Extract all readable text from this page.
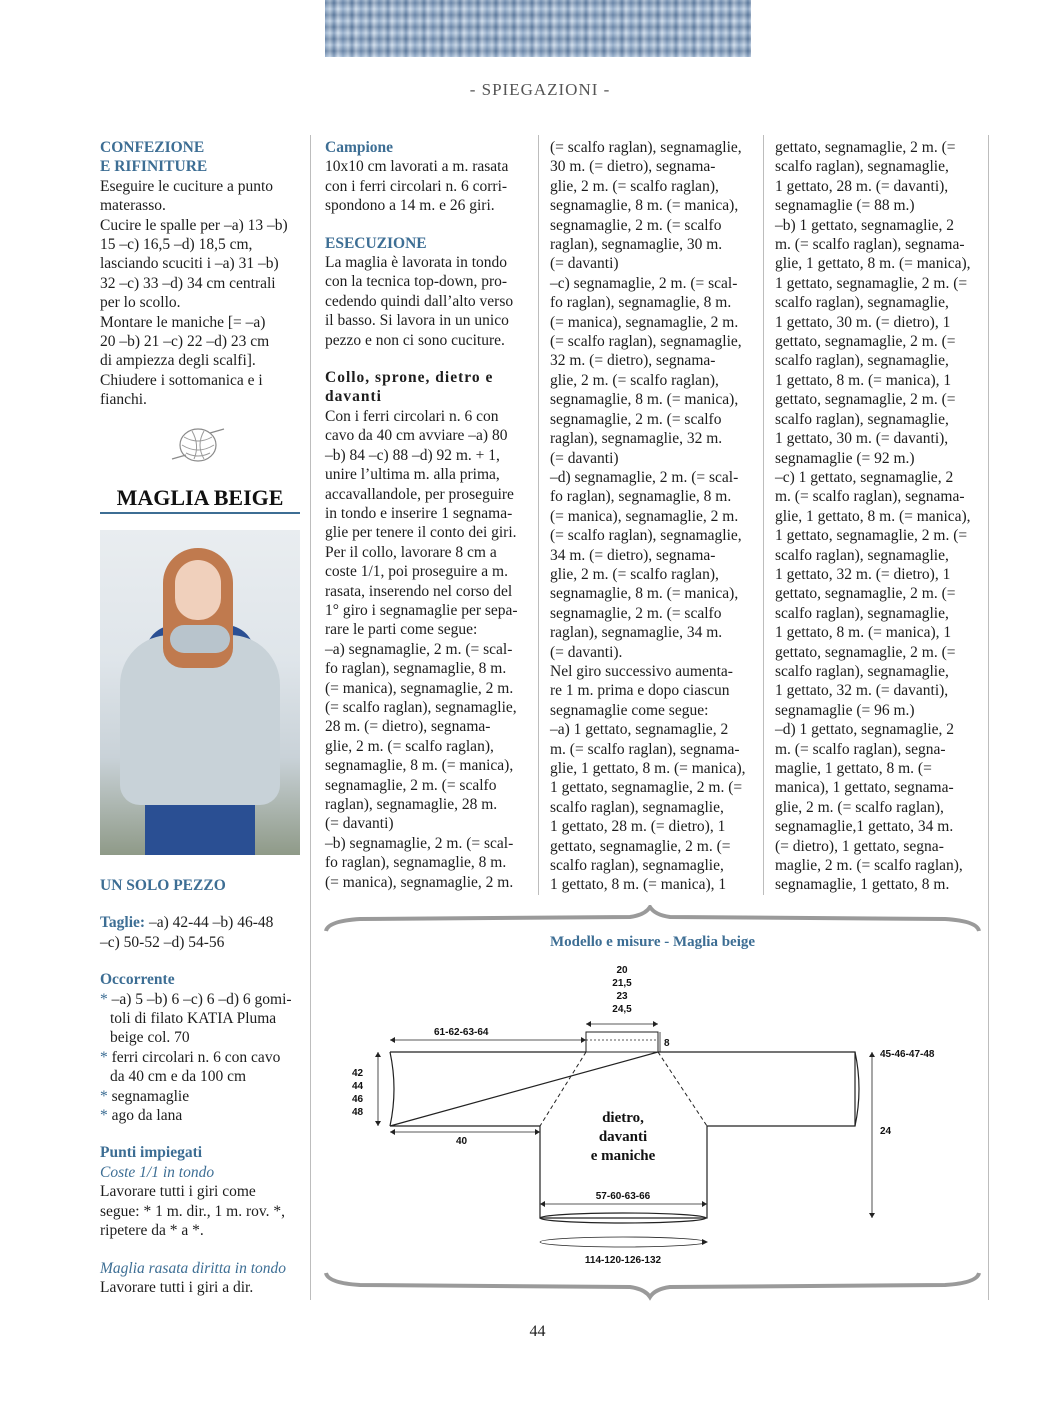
- SPIEGAZIONI -

CONFEZIONE

E RIFINITURE

Eseguire le cuciture a punto

materasso.

Cucire le spalle per –a) 13 –b)

15 –c) 16,5 –d) 18,5 cm,

lasciando scuciti i –a) 31 –b)

32 –c) 33 –d) 34 cm centrali

per lo scollo.

Montare le maniche [= –a)

20 –b) 21 –c) 22 –d) 23 cm

di ampiezza degli scalfi].

Chiudere i sottomanica e i

fianchi.

MAGLIA BEIGE

UN SOLO PEZZO

Taglie: –a) 42-44 –b) 46-48

–c) 50-52 –d) 54-56

Occorrente

* –a) 5 –b) 6 –c) 6 –d) 6 gomi-

toli di filato KATIA Pluma

beige col. 70

* ferri circolari n. 6 con cavo

da 40 cm e da 100 cm

* segnamaglie

* ago da lana

Punti impiegati

Coste 1/1 in tondo

Lavorare tutti i giri come

segue: * 1 m. dir., 1 m. rov. *,

ripetere da * a *.

Maglia rasata diritta in tondo

Lavorare tutti i giri a dir.

Campione

10x10 cm lavorati a m. rasata

con i ferri circolari n. 6 corri-

spondono a 14 m. e 26 giri.

ESECUZIONE

La maglia è lavorata in tondo

con la tecnica top-down, pro-

cedendo quindi dall’alto verso

il basso. Si lavora in un unico

pezzo e non ci sono cuciture.

Collo, sprone, dietro e

davanti

Con i ferri circolari n. 6 con

cavo da 40 cm avviare –a) 80

–b) 84 –c) 88 –d) 92 m. + 1,

unire l’ultima m. alla prima,

accavallandole, per proseguire

in tondo e inserire 1 segnama-

glie per tenere il conto dei giri.

Per il collo, lavorare 8 cm a

coste 1/1, poi proseguire a m.

rasata, inserendo nel corso del

1° giro i segnamaglie per sepa-

rare le parti come segue:

–a) segnamaglie, 2 m. (= scal-

fo raglan), segnamaglie, 8 m.

(= manica), segnamaglie, 2 m.

(= scalfo raglan), segnamaglie,

28 m. (= dietro), segnama-

glie, 2 m. (= scalfo raglan),

segnamaglie, 8 m. (= manica),

segnamaglie, 2 m. (= scalfo

raglan), segnamaglie, 28 m.

(= davanti)

–b) segnamaglie, 2 m. (= scal-

fo raglan), segnamaglie, 8 m.

(= manica), segnamaglie, 2 m.

(= scalfo raglan), segnamaglie,

30 m. (= dietro), segnama-

glie, 2 m. (= scalfo raglan),

segnamaglie, 8 m. (= manica),

segnamaglie, 2 m. (= scalfo

raglan), segnamaglie, 30 m.

(= davanti)

–c) segnamaglie, 2 m. (= scal-

fo raglan), segnamaglie, 8 m.

(= manica), segnamaglie, 2 m.

(= scalfo raglan), segnamaglie,

32 m. (= dietro), segnama-

glie, 2 m. (= scalfo raglan),

segnamaglie, 8 m. (= manica),

segnamaglie, 2 m. (= scalfo

raglan), segnamaglie, 32 m.

(= davanti)

–d) segnamaglie, 2 m. (= scal-

fo raglan), segnamaglie, 8 m.

(= manica), segnamaglie, 2 m.

(= scalfo raglan), segnamaglie,

34 m. (= dietro), segnama-

glie, 2 m. (= scalfo raglan),

segnamaglie, 8 m. (= manica),

segnamaglie, 2 m. (= scalfo

raglan), segnamaglie, 34 m.

(= davanti).

Nel giro successivo aumenta-

re 1 m. prima e dopo ciascun

segnamaglie come segue:

–a) 1 gettato, segnamaglie, 2

m. (= scalfo raglan), segnama-

glie, 1 gettato, 8 m. (= manica),

1 gettato, segnamaglie, 2 m. (=

scalfo raglan), segnamaglie,

1 gettato, 28 m. (= dietro), 1

gettato, segnamaglie, 2 m. (=

scalfo raglan), segnamaglie,

1 gettato, 8 m. (= manica), 1

gettato, segnamaglie, 2 m. (=

scalfo raglan), segnamaglie,

1 gettato, 28 m. (= davanti),

segnamaglie (= 88 m.)

–b) 1 gettato, segnamaglie, 2

m. (= scalfo raglan), segnama-

glie, 1 gettato, 8 m. (= manica),

1 gettato, segnamaglie, 2 m. (=

scalfo raglan), segnamaglie,

1 gettato, 30 m. (= dietro), 1

gettato, segnamaglie, 2 m. (=

scalfo raglan), segnamaglie,

1 gettato, 8 m. (= manica), 1

gettato, segnamaglie, 2 m. (=

scalfo raglan), segnamaglie,

1 gettato, 30 m. (= davanti),

segnamaglie (= 92 m.)

–c) 1 gettato, segnamaglie, 2

m. (= scalfo raglan), segnama-

glie, 1 gettato, 8 m. (= manica),

1 gettato, segnamaglie, 2 m. (=

scalfo raglan), segnamaglie,

1 gettato, 32 m. (= dietro), 1

gettato, segnamaglie, 2 m. (=

scalfo raglan), segnamaglie,

1 gettato, 8 m. (= manica), 1

gettato, segnamaglie, 2 m. (=

scalfo raglan), segnamaglie,

1 gettato, 32 m. (= davanti),

segnamaglie (= 96 m.)

–d) 1 gettato, segnamaglie, 2

m. (= scalfo raglan), segna-

maglie, 1 gettato, 8 m. (=

manica), 1 gettato, segnama-

glie, 2 m. (= scalfo raglan),

segnamaglie,1 gettato, 34 m.

(= dietro), 1 gettato, segna-

maglie, 2 m. (= scalfo raglan),

segnamaglie, 1 gettato, 8 m.

Modello e misure - Maglia beige
20
21,5
23
24,5
8
61-62-63-64
42
44
46
48
40
dietro,
davanti
e maniche
57-60-63-66
114-120-126-132
45-46-47-48
24
44
